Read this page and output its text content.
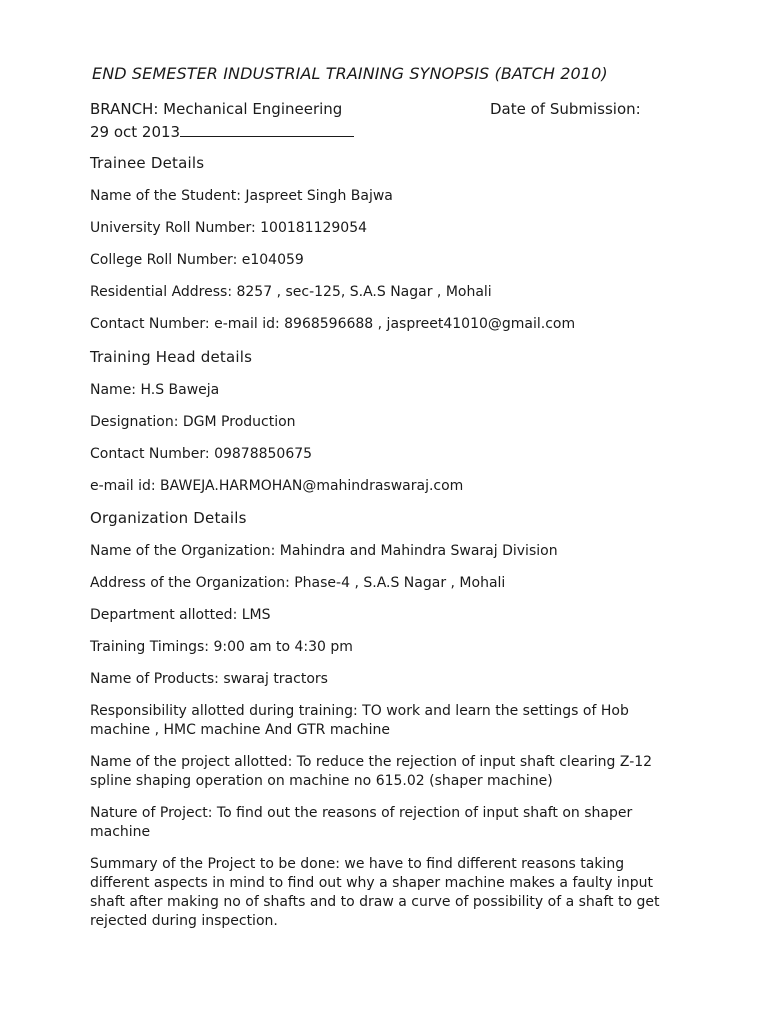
END SEMESTER INDUSTRIAL TRAINING SYNOPSIS (BATCH 2010)
BRANCH: Mechanical Engineering	Date of Submission:
29 oct 2013
Trainee Details
Name of the Student: Jaspreet Singh Bajwa
University Roll Number: 100181129054
College Roll Number: e104059
Residential Address: 8257 , sec-125, S.A.S Nagar , Mohali
Contact Number: e-mail id: 8968596688 , jaspreet41010@gmail.com
Training Head details
Name: H.S Baweja
Designation: DGM Production
Contact Number: 09878850675
e-mail id: BAWEJA.HARMOHAN@mahindraswaraj.com
Organization Details
Name of the Organization: Mahindra and Mahindra Swaraj Division
Address of the Organization: Phase-4 , S.A.S Nagar , Mohali
Department allotted: LMS
Training Timings: 9:00 am to 4:30 pm
Name of Products: swaraj tractors
Responsibility allotted during training: TO work and learn the settings of Hob
machine , HMC machine And GTR machine
Name of the project allotted: To reduce the rejection of input shaft clearing Z-12
spline shaping operation on machine no 615.02 (shaper machine)
Nature of Project: To find out the reasons of rejection of input shaft on shaper
machine
Summary of the Project to be done: we have to find different reasons taking
different aspects in mind to find out why a shaper machine makes a faulty input
shaft after making no of shafts and to draw a curve of possibility of a shaft to get
rejected during inspection.
